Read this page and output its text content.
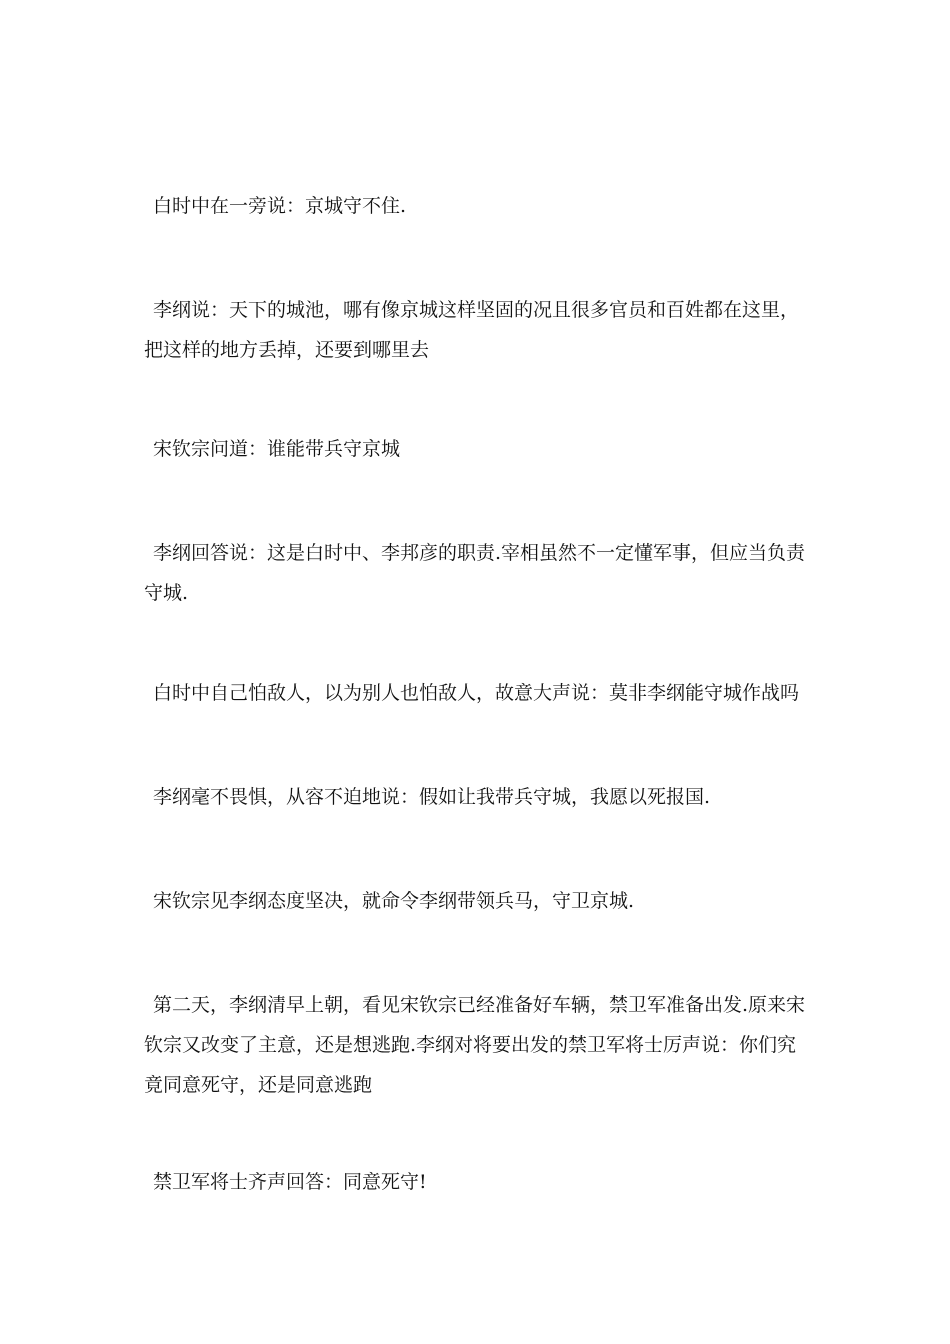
白时中在一旁说：京城守不住.

李纲说：天下的城池，哪有像京城这样坚固的况且很多官员和百姓都在这里，把这样的地方丢掉，还要到哪里去

宋钦宗问道：谁能带兵守京城

李纲回答说：这是白时中、李邦彦的职责.宰相虽然不一定懂军事，但应当负责守城.

白时中自己怕敌人，以为别人也怕敌人，故意大声说：莫非李纲能守城作战吗

李纲毫不畏惧，从容不迫地说：假如让我带兵守城，我愿以死报国.

宋钦宗见李纲态度坚决，就命令李纲带领兵马，守卫京城.

第二天，李纲清早上朝，看见宋钦宗已经准备好车辆，禁卫军准备出发.原来宋钦宗又改变了主意，还是想逃跑.李纲对将要出发的禁卫军将士厉声说：你们究竟同意死守，还是同意逃跑

禁卫军将士齐声回答：同意死守!
